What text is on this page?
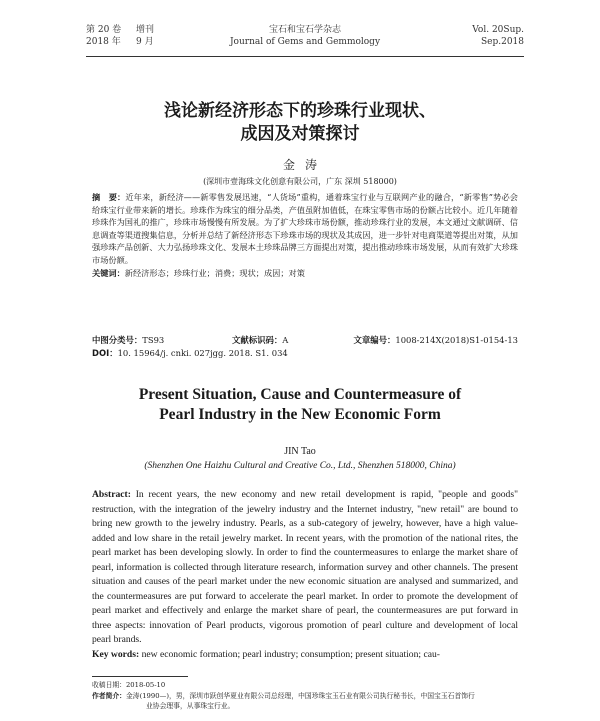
第 20 卷 增刊
2018 年 9 月
宝石和宝石学杂志
Journal of Gems and Gemmology
Vol. 20Sup.
Sep.2018
浅论新经济形态下的珍珠行业现状、
成因及对策探讨
金涛
(深圳市壹海珠文化创意有限公司，广东 深圳 518000)
摘　要：近年来，新经济——新零售发展迅速，“人货场”重构，通着珠宝行业与互联网产业的融合，“新零售”势必会给珠宝行业带来新的增长。珍珠作为珠宝的细分品类，产值虽附加值低，在珠宝零售市场的份额占比较小。近几年随着珍珠作为国礼的推广，珍珠市场慢慢有所发展。为了扩大珍珠市场份额，推动珍珠行业的发展，本文通过文献调研、信息调查等渠道搜集信息，分析并总结了新经济形态下珍珠市场的现状及其成因，进一步针对电商渠道等提出对策，从加强珍珠产品创新、大力弘扬珍珠文化、发展本土珍珠品牌三方面提出对策，提出推动珍珠市场发展，从而有效扩大珍珠市场份额。
关键词：新经济形态；珍珠行业；消费；现状；成因；对策
中图分类号：TS93	文献标识码：A	文章编号：1008-214X(2018)S1-0154-13
DOI：10. 15964/j. cnki. 027jgg. 2018. S1. 034
Present Situation, Cause and Countermeasure of
Pearl Industry in the New Economic Form
JIN Tao
(Shenzhen One Haizhu Cultural and Creative Co., Ltd., Shenzhen 518000, China)
Abstract: In recent years, the new economy and new retail development is rapid, "people and goods" restruction, with the integration of the jewelry industry and the Internet industry, "new retail" are bound to bring new growth to the jewelry industry. Pearls, as a sub-category of jewelry, however, have a high value-added and low share in the retail jewelry market. In recent years, with the promotion of the national rites, the pearl market has been developing slowly. In order to find the countermeasures to enlarge the market share of pearl, information is collected through literature research, information survey and other channels. The present situation and causes of the pearl market under the new economic situation are analysed and summarized, and the countermeasures are put forward to accelerate the pearl market. In order to promote the development of pearl market and effectively and enlarge the market share of pearl, the countermeasures are put forward in three aspects: innovation of Pearl products, vigorous promotion of pearl culture and development of local pearl brands.
Key words: new economic formation; pearl industry; consumption; present situation; cau-
收稿日期：2018-05-10
作者简介：金涛(1990—)，男，深圳市跃创华夏业有限公司总经理，中国珍珠宝玉石业有限公司执行秘书长，中国宝玉石首饰行
业协会理事，从事珠宝行业。
